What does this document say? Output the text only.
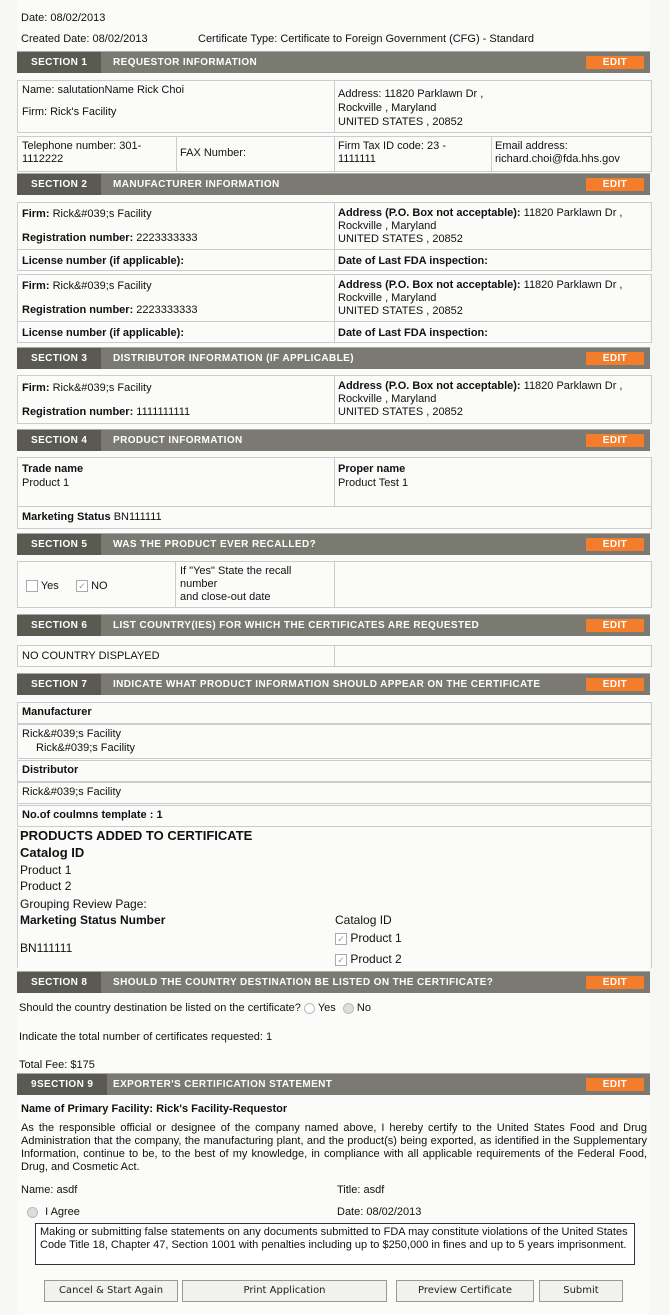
Date: 08/02/2013
Created Date: 08/02/2013	Certificate Type: Certificate to Foreign Government (CFG) - Standard
SECTION 1	REQUESTOR INFORMATION	EDIT
Name: salutationName Rick Choi
Firm: Rick's Facility
Address: 11820 Parklawn Dr ,
Rockville , Maryland
UNITED STATES , 20852
Telephone number: 301-
1112222	FAX Number:
Firm Tax ID code: 23 -
1111111
Email address:
richard.choi@fda.hhs.gov
SECTION 2	MANUFACTURER INFORMATION	EDIT
Firm: Rick&#039;s Facility
Registration number: 2223333333
License number (if applicable):
Address (P.O. Box not acceptable): 11820 Parklawn Dr ,
Rockville , Maryland
UNITED STATES , 20852
Date of Last FDA inspection:
Firm: Rick&#039;s Facility
Registration number: 2223333333
License number (if applicable):
Address (P.O. Box not acceptable): 11820 Parklawn Dr ,
Rockville , Maryland
UNITED STATES , 20852
Date of Last FDA inspection:
SECTION 3	DISTRIBUTOR INFORMATION (IF APPLICABLE)	EDIT
Firm: Rick&#039;s Facility
Registration number: 1111111111
Address (P.O. Box not acceptable): 11820 Parklawn Dr ,
Rockville , Maryland
UNITED STATES , 20852
SECTION 4	PRODUCT INFORMATION	EDIT
Trade name
Product 1
Proper name
Product Test 1
Marketing Status BN111111
SECTION 5	WAS THE PRODUCT EVER RECALLED?	EDIT
Yes ✓ NO
If "Yes" State the recall
number
and close-out date
SECTION 6	LIST COUNTRY(IES) FOR WHICH THE CERTIFICATES ARE REQUESTED	EDIT
NO COUNTRY DISPLAYED
SECTION 7	INDICATE WHAT PRODUCT INFORMATION SHOULD APPEAR ON THE CERTIFICATE	EDIT
Manufacturer
Rick&#039;s Facility
Rick&#039;s Facility
Distributor
Rick&#039;s Facility
No.of coulmns template : 1
PRODUCTS ADDED TO CERTIFICATE
Catalog ID
Product 1
Product 2
Grouping Review Page:
Marketing Status Number	Catalog ID
BN111111
✓ Product 1
✓ Product 2
SECTION 8	SHOULD THE COUNTRY DESTINATION BE LISTED ON THE CERTIFICATE?	EDIT
Should the country destination be listed on the certificate? Yes No
Indicate the total number of certificates requested: 1
Total Fee: $175
9SECTION 9	EXPORTER'S CERTIFICATION STATEMENT	EDIT
Name of Primary Facility: Rick's Facility-Requestor
As the responsible official or designee of the company named above, I hereby certify to the United States Food and Drug Administration that the company, the manufacturing plant, and the product(s) being exported, as identified in the Supplementary Information, continue to be, to the best of my knowledge, in compliance with all applicable requirements of the Federal Food, Drug, and Cosmetic Act.
Name: asdf	Title: asdf
I Agree	Date: 08/02/2013
Making or submitting false statements on any documents submitted to FDA may constitute violations of the United States Code Title 18, Chapter 47, Section 1001 with penalties including up to $250,000 in fines and up to 5 years imprisonment.
Cancel & Start Again	Print Application	Preview Certificate	Submit
